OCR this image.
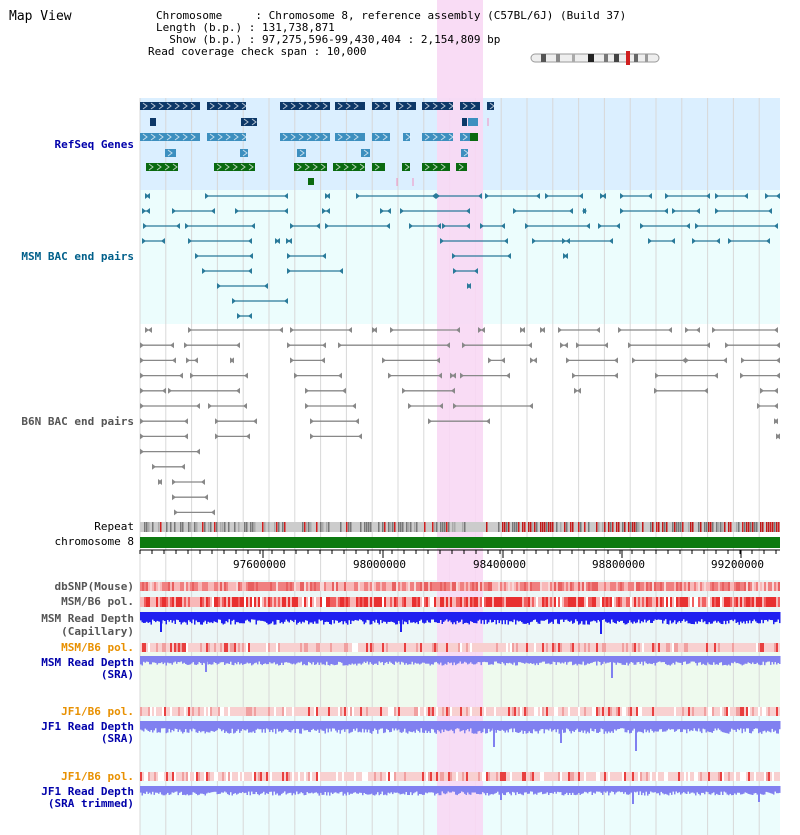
97600000	98000000	98400000	98800000	99200000
Map View	Chromosome     : Chromosome 8, reference assembly (C57BL/6J) (Build 37)
Length (b.p.) : 131,738,871
Show (b.p.) : 97,275,596-99,430,404 : 2,154,809 bp
Read coverage check span : 10,000
RefSeq Genes
MSM BAC end pairs
B6N BAC end pairs
Repeat
chromosome 8
dbSNP(Mouse)
MSM/B6 pol.
MSM Read Depth
(Capillary)
MSM/B6 pol.
MSM Read Depth
(SRA)
JF1/B6 pol.
JF1 Read Depth
(SRA)
JF1/B6 pol.
JF1 Read Depth
(SRA trimmed)
